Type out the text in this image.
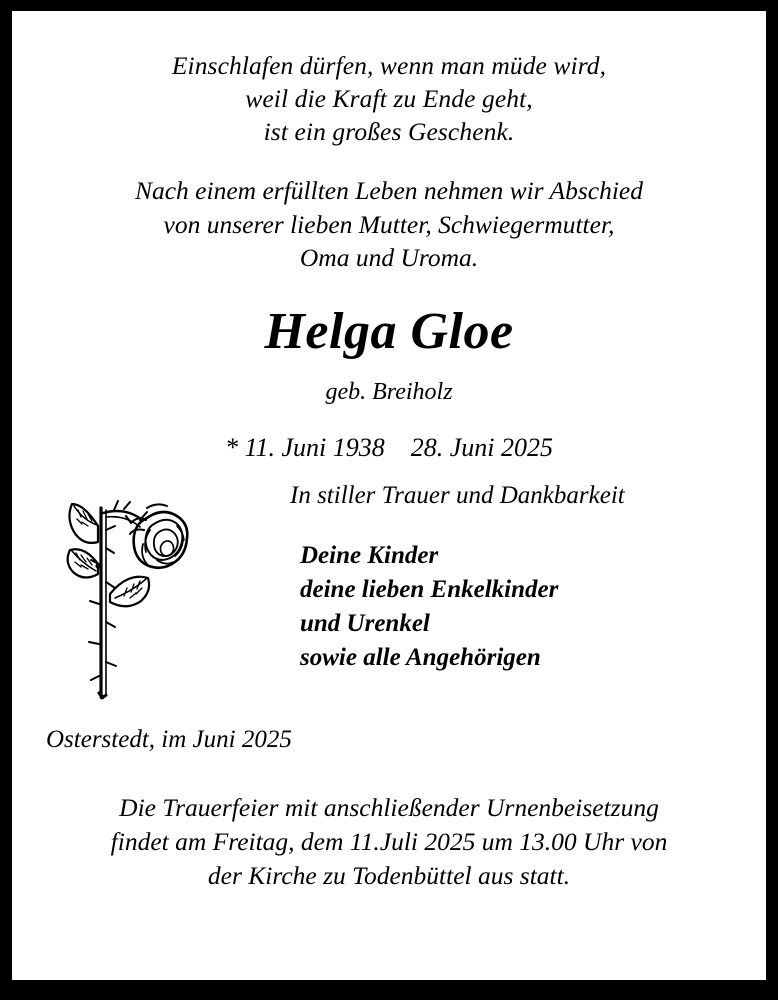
Einschlafen dürfen, wenn man müde wird,
weil die Kraft zu Ende geht,
ist ein großes Geschenk.
Nach einem erfüllten Leben nehmen wir Abschied
von unserer lieben Mutter, Schwiegermutter,
Oma und Uroma.
Helga Gloe
geb. Breiholz
* 11. Juni 1938    28. Juni 2025

In stiller Trauer und Dankbarkeit

Deine Kinder
deine lieben Enkelkinder
und Urenkel
sowie alle Angehörigen
Osterstedt, im Juni 2025
Die Trauerfeier mit anschließender Urnenbeisetzung
findet am Freitag, dem 11.Juli 2025 um 13.00 Uhr von
der Kirche zu Todenbüttel aus statt.
